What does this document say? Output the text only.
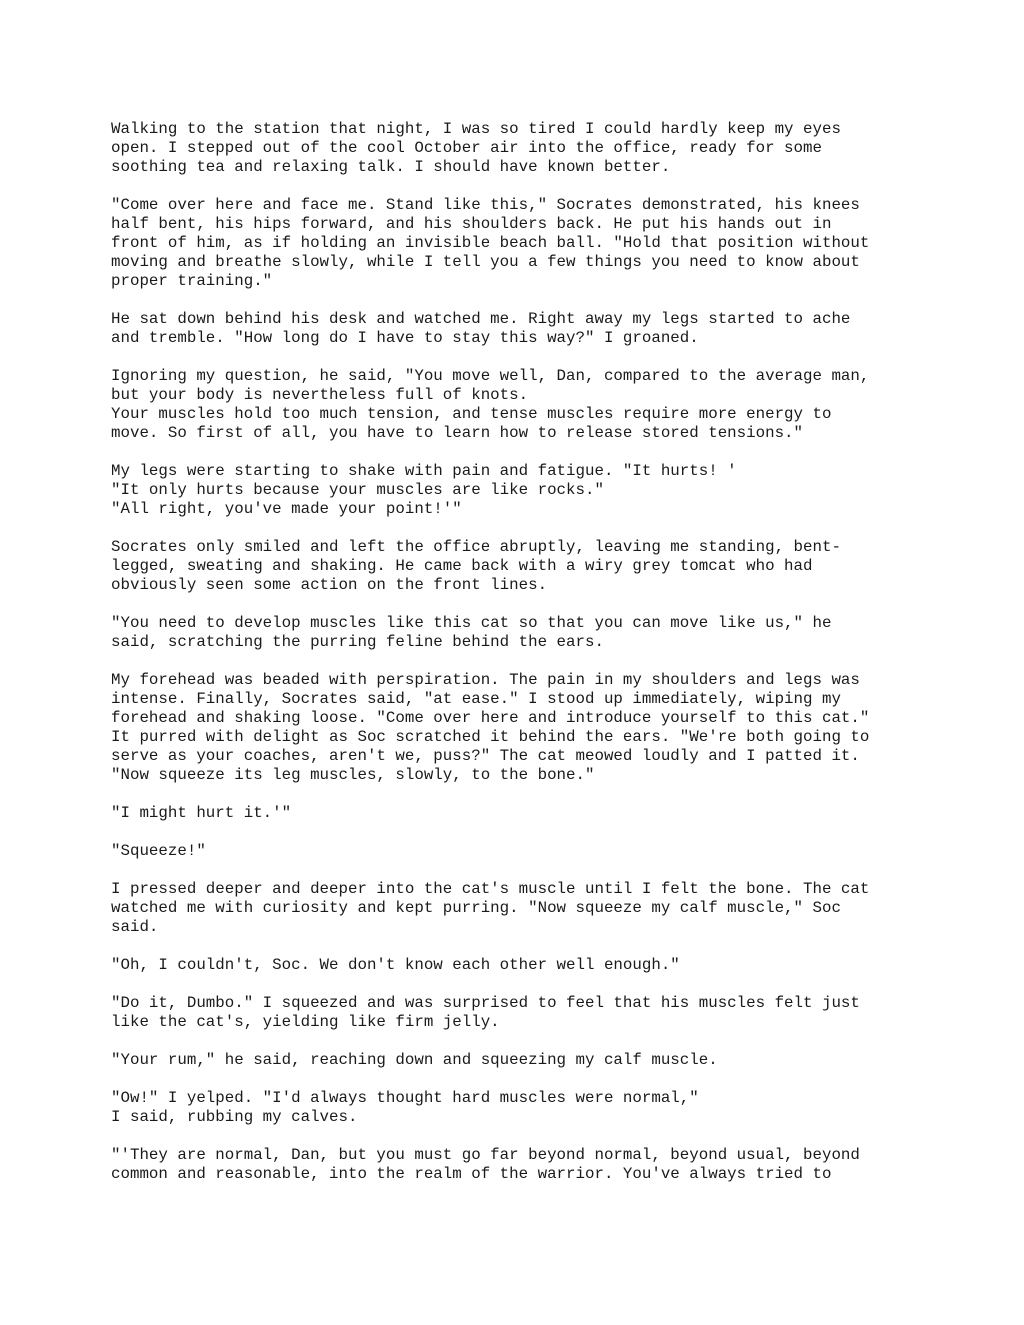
Walking to the station that night, I was so tired I could hardly keep my eyes
open. I stepped out of the cool October air into the office, ready for some
soothing tea and relaxing talk. I should have known better.
"Come over here and face me. Stand like this," Socrates demonstrated, his knees
half bent, his hips forward, and his shoulders back. He put his hands out in
front of him, as if holding an invisible beach ball. "Hold that position without
moving and breathe slowly, while I tell you a few things you need to know about
proper training."
He sat down behind his desk and watched me. Right away my legs started to ache
and tremble. "How long do I have to stay this way?" I groaned.
Ignoring my question, he said, "You move well, Dan, compared to the average man,
but your body is nevertheless full of knots.
Your muscles hold too much tension, and tense muscles require more energy to
move. So first of all, you have to learn how to release stored tensions."
My legs were starting to shake with pain and fatigue. "It hurts! '
"It only hurts because your muscles are like rocks."
"All right, you've made your point!'"
Socrates only smiled and left the office abruptly, leaving me standing, bent-
legged, sweating and shaking. He came back with a wiry grey tomcat who had
obviously seen some action on the front lines.
"You need to develop muscles like this cat so that you can move like us," he
said, scratching the purring feline behind the ears.
My forehead was beaded with perspiration. The pain in my shoulders and legs was
intense. Finally, Socrates said, "at ease." I stood up immediately, wiping my
forehead and shaking loose. "Come over here and introduce yourself to this cat."
It purred with delight as Soc scratched it behind the ears. "We're both going to
serve as your coaches, aren't we, puss?" The cat meowed loudly and I patted it.
"Now squeeze its leg muscles, slowly, to the bone."
"I might hurt it.'"
"Squeeze!"
I pressed deeper and deeper into the cat's muscle until I felt the bone. The cat
watched me with curiosity and kept purring. "Now squeeze my calf muscle," Soc
said.
"Oh, I couldn't, Soc. We don't know each other well enough."
"Do it, Dumbo." I squeezed and was surprised to feel that his muscles felt just
like the cat's, yielding like firm jelly.
"Your rum," he said, reaching down and squeezing my calf muscle.
"Ow!" I yelped. "I'd always thought hard muscles were normal,"
I said, rubbing my calves.
"'They are normal, Dan, but you must go far beyond normal, beyond usual, beyond
common and reasonable, into the realm of the warrior. You've always tried to
